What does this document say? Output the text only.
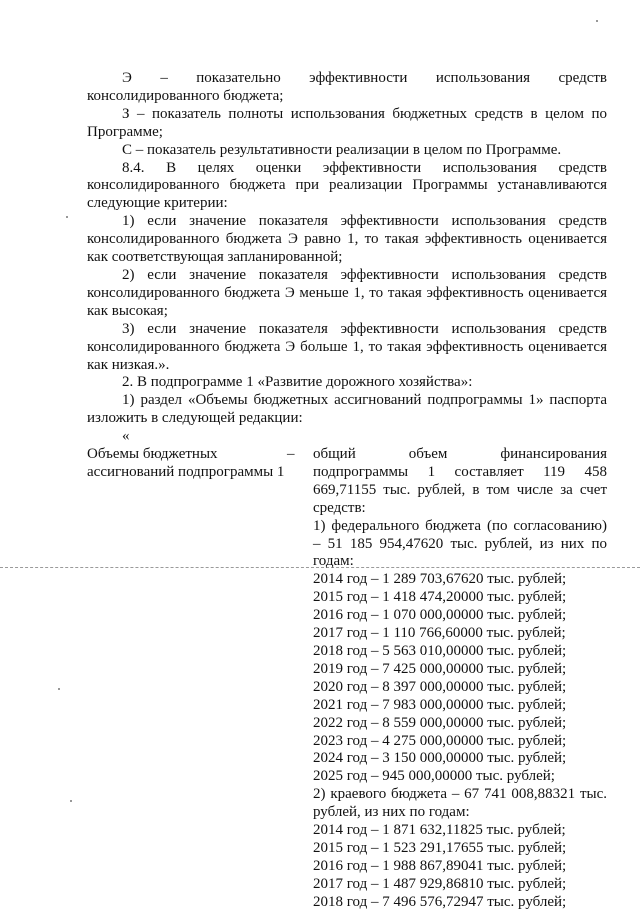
Э – показательно эффективности использования средств консолидированного бюджета;

З – показатель полноты использования бюджетных средств в целом по Программе;

С – показатель результативности реализации в целом по Программе.

8.4. В целях оценки эффективности использования средств консолидированного бюджета при реализации Программы устанавливаются следующие критерии:

1) если значение показателя эффективности использования средств консолидированного бюджета Э равно 1, то такая эффективность оценивается как соответствующая запланированной;

2) если значение показателя эффективности использования средств консолидированного бюджета Э меньше 1, то такая эффективность оценивается как высокая;

3) если значение показателя эффективности использования средств консолидированного бюджета Э больше 1, то такая эффективность оценивается как низкая.».

2. В подпрограмме 1 «Развитие дорожного хозяйства»:

1) раздел «Объемы бюджетных ассигнований подпрограммы 1» паспорта изложить в следующей редакции:

«

Объемы бюджетных ассигнований подпрограммы 1
–	общий объем финансирования подпрограммы 1 составляет 119 458 669,71155 тыс. рублей, в том числе за счет средств:

1) федерального бюджета (по согласованию) – 51 185 954,47620 тыс. рублей, из них по годам:

2014 год – 1 289 703,67620 тыс. рублей;

2015 год – 1 418 474,20000 тыс. рублей;

2016 год – 1 070 000,00000 тыс. рублей;

2017 год – 1 110 766,60000 тыс. рублей;

2018 год – 5 563 010,00000 тыс. рублей;

2019 год – 7 425 000,00000 тыс. рублей;

2020 год – 8 397 000,00000 тыс. рублей;

2021 год – 7 983 000,00000 тыс. рублей;

2022 год – 8 559 000,00000 тыс. рублей;

2023 год – 4 275 000,00000 тыс. рублей;

2024 год – 3 150 000,00000 тыс. рублей;

2025 год – 945 000,00000 тыс. рублей;

2) краевого бюджета – 67 741 008,88321 тыс. рублей, из них по годам:

2014 год – 1 871 632,11825 тыс. рублей;

2015 год – 1 523 291,17655 тыс. рублей;

2016 год – 1 988 867,89041 тыс. рублей;

2017 год – 1 487 929,86810 тыс. рублей;

2018 год – 7 496 576,72947 тыс. рублей;
